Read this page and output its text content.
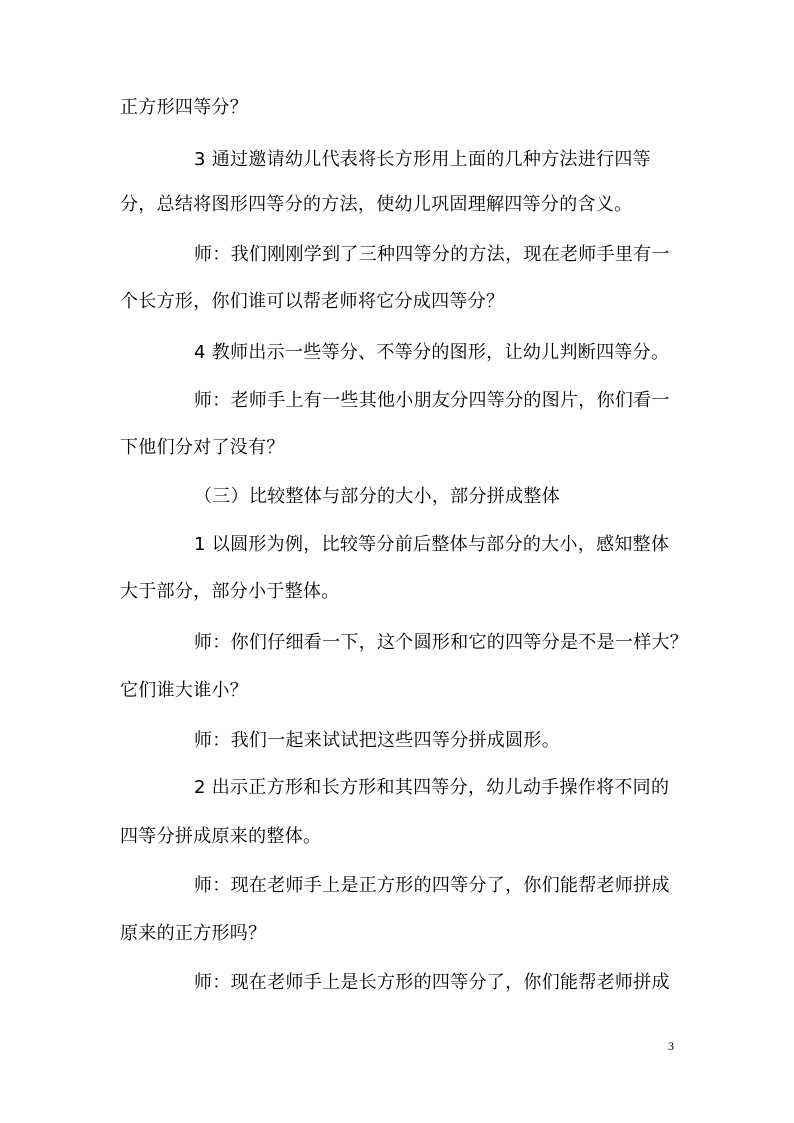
正方形四等分？
3 通过邀请幼儿代表将长方形用上面的几种方法进行四等
分，总结将图形四等分的方法，使幼儿巩固理解四等分的含义。
师：我们刚刚学到了三种四等分的方法，现在老师手里有一
个长方形，你们谁可以帮老师将它分成四等分？
4 教师出示一些等分、不等分的图形，让幼儿判断四等分。
师：老师手上有一些其他小朋友分四等分的图片，你们看一
下他们分对了没有？
（三）比较整体与部分的大小，部分拼成整体
1 以圆形为例，比较等分前后整体与部分的大小，感知整体
大于部分，部分小于整体。
师：你们仔细看一下，这个圆形和它的四等分是不是一样大？
它们谁大谁小？
师：我们一起来试试把这些四等分拼成圆形。
2 出示正方形和长方形和其四等分，幼儿动手操作将不同的
四等分拼成原来的整体。
师：现在老师手上是正方形的四等分了，你们能帮老师拼成
原来的正方形吗？
师：现在老师手上是长方形的四等分了，你们能帮老师拼成
3
